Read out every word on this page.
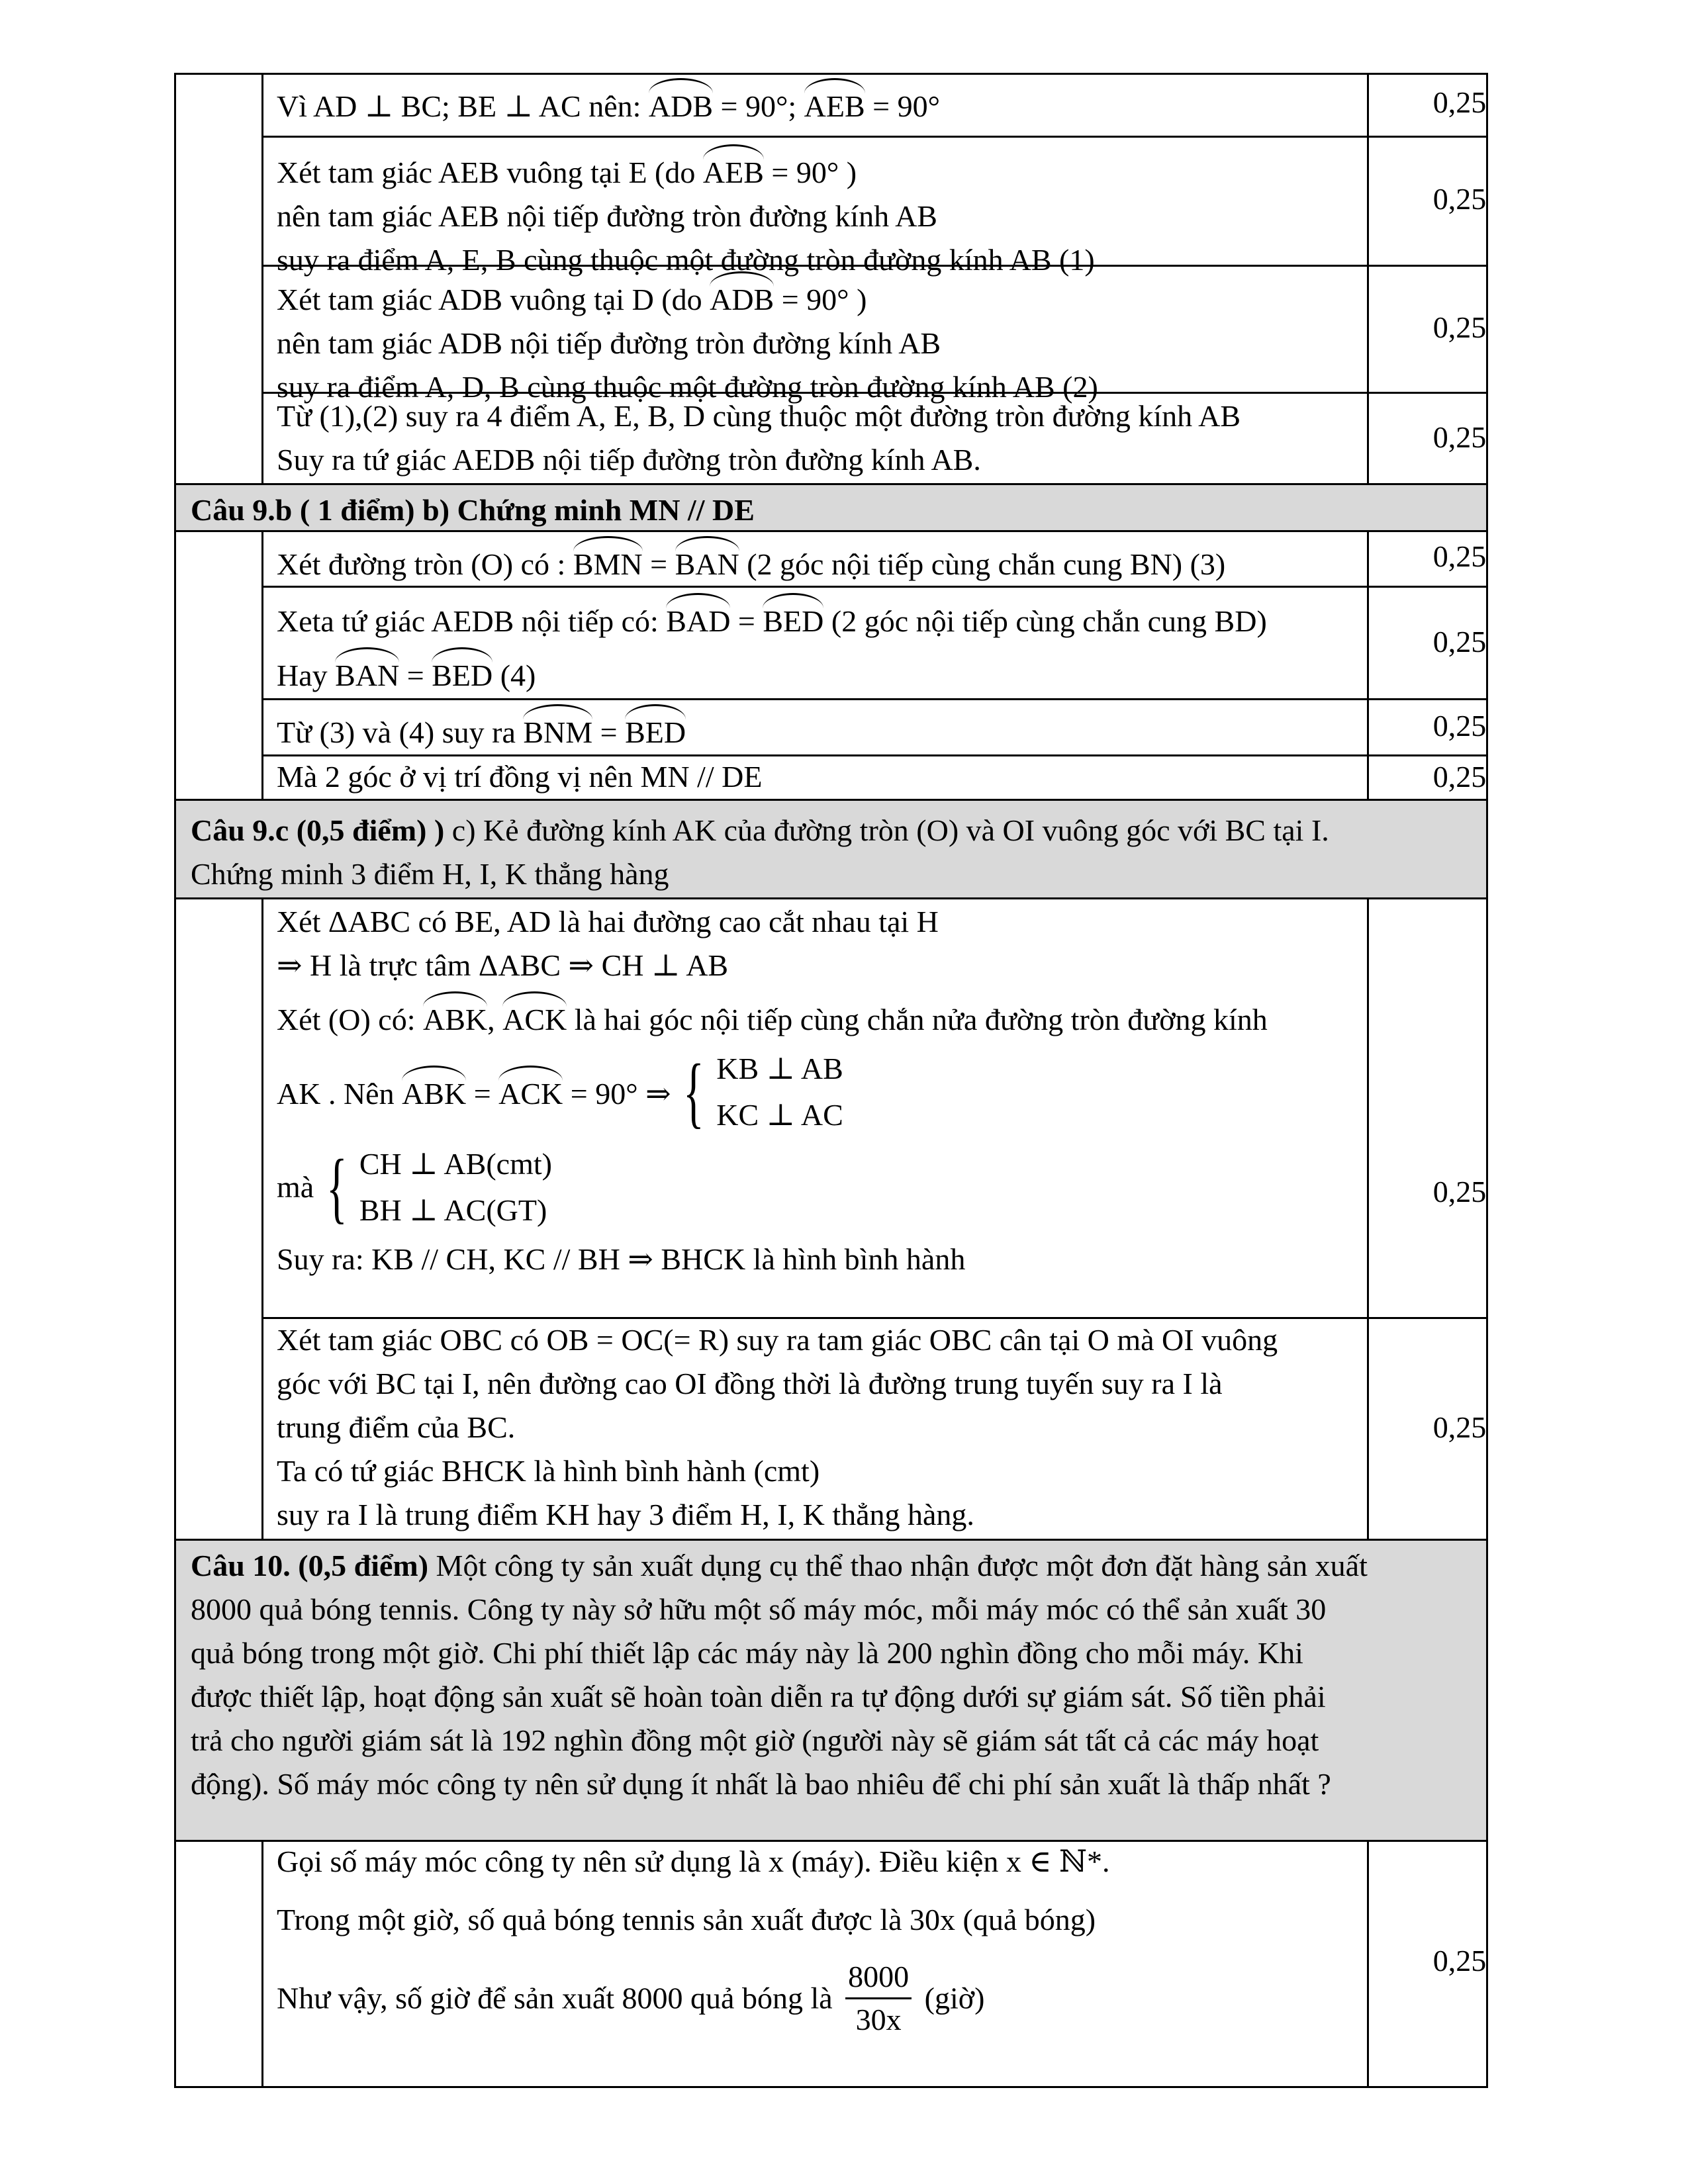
Vì AD ⊥ BC; BE ⊥ AC nên: ADB = 90°; AEB = 90°	0,25
Xét tam giác AEB vuông tại E (do AEB = 90° )
nên tam giác AEB nội tiếp đường tròn đường kính AB
suy ra điểm A, E, B cùng thuộc một đường tròn đường kính AB (1)
0,25
Xét tam giác ADB vuông tại D (do ADB = 90° )
nên tam giác ADB nội tiếp đường tròn đường kính AB
suy ra điểm A, D, B cùng thuộc một đường tròn đường kính AB (2)
0,25
Từ (1),(2) suy ra 4 điểm A, E, B, D cùng thuộc một đường tròn đường kính AB
Suy ra tứ giác AEDB nội tiếp đường tròn đường kính AB.
0,25
Câu 9.b ( 1 điểm) b) Chứng minh MN // DE
Xét đường tròn (O) có : BMN = BAN (2 góc nội tiếp cùng chắn cung BN) (3)	0,25
Xeta tứ giác AEDB nội tiếp có: BAD = BED (2 góc nội tiếp cùng chắn cung BD)
Hay BAN = BED (4)
0,25
Từ (3) và (4) suy ra BNM = BED	0,25
Mà 2 góc ở vị trí đồng vị nên MN // DE	0,25
Câu 9.c (0,5 điểm) ) c) Kẻ đường kính AK của đường tròn (O) và OI vuông góc với BC tại I.
Chứng minh 3 điểm H, I, K thẳng hàng
Xét ΔABC có BE, AD là hai đường cao cắt nhau tại H
⇒ H là trực tâm ΔABC ⇒ CH ⊥ AB
Xét (O) có: ABK, ACK là hai góc nội tiếp cùng chắn nửa đường tròn đường kính
AK . Nên ABK = ACK = 90° ⇒ { KB ⊥ AB
KC ⊥ AC
mà { CH ⊥ AB(cmt)
BH ⊥ AC(GT)
Suy ra: KB // CH, KC // BH ⇒ BHCK là hình bình hành
0,25
Xét tam giác OBC có OB = OC(= R) suy ra tam giác OBC cân tại O mà OI vuông
góc với BC tại I, nên đường cao OI đồng thời là đường trung tuyến suy ra I là
trung điểm của BC.
Ta có tứ giác BHCK là hình bình hành (cmt)
suy ra I là trung điểm KH hay 3 điểm H, I, K thẳng hàng.
0,25
Câu 10. (0,5 điểm) Một công ty sản xuất dụng cụ thể thao nhận được một đơn đặt hàng sản xuất
8000 quả bóng tennis. Công ty này sở hữu một số máy móc, mỗi máy móc có thể sản xuất 30
quả bóng trong một giờ. Chi phí thiết lập các máy này là 200 nghìn đồng cho mỗi máy. Khi
được thiết lập, hoạt động sản xuất sẽ hoàn toàn diễn ra tự động dưới sự giám sát. Số tiền phải
trả cho người giám sát là 192 nghìn đồng một giờ (người này sẽ giám sát tất cả các máy hoạt
động). Số máy móc công ty nên sử dụng ít nhất là bao nhiêu để chi phí sản xuất là thấp nhất ?
Gọi số máy móc công ty nên sử dụng là x (máy). Điều kiện x ∈ ℕ*.
Trong một giờ, số quả bóng tennis sản xuất được là 30x (quả bóng)
Như vậy, số giờ để sản xuất 8000 quả bóng là $\frac{8000}{30x}$ (giờ)
0,25
